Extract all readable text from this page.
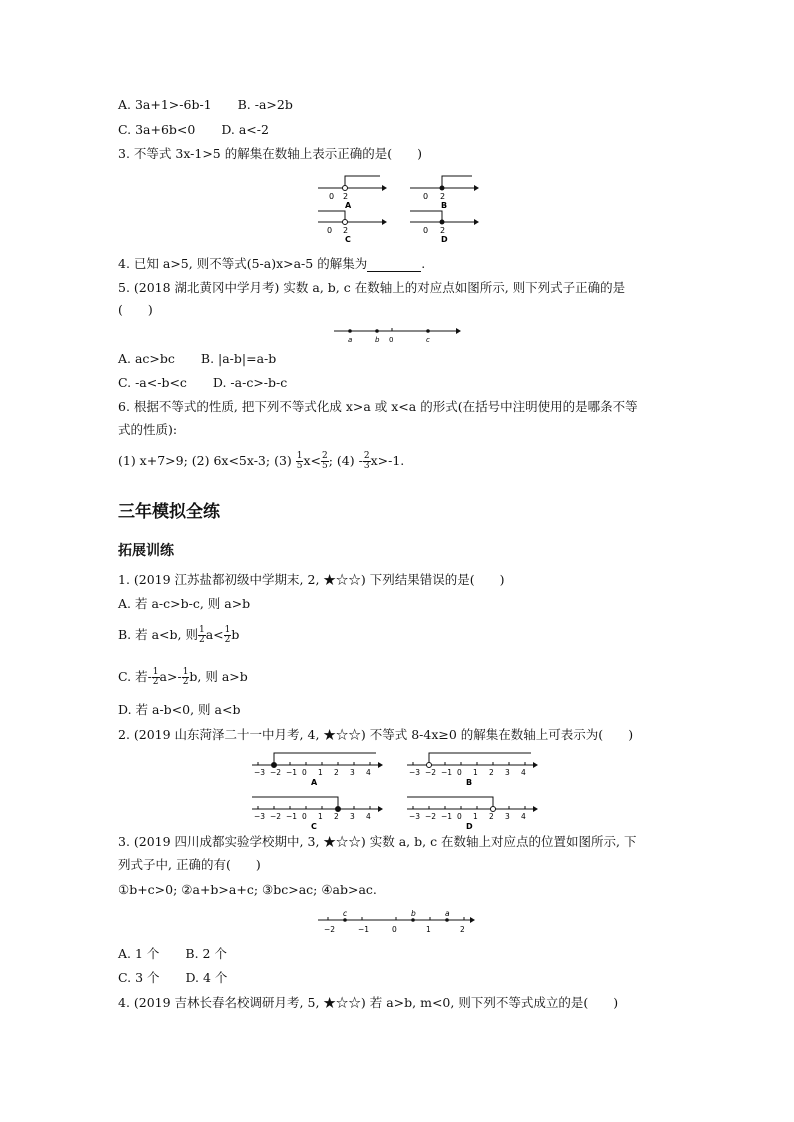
A. 3a+1>-6b-1 B. -a>2b
C. 3a+6b<0 D. a<-2
3. 不等式 3x-1>5 的解集在数轴上表示正确的是(　　)
0 2
A
0 2
B
0 2
C
0 2
D
4. 已知 a>5, 则不等式(5-a)x>a-5 的解集为	.
5. (2018 湖北黄冈中学月考) 实数 a, b, c 在数轴上的对应点如图所示, 则下列式子正确的是
(　　)
a	b 0	c
A. ac>bc B. |a-b|=a-b
C. -a<-b<c D. -a-c>-b-c
6. 根据不等式的性质, 把下列不等式化成 x>a 或 x<a 的形式(在括号中注明使用的是哪条不等
式的性质):
(1) x+7>9; (2) 6x<5x-3; $(3) \frac{1}{5} x< \frac{2}{5}$ ; $(4) - \frac{2}{3} x>-1$.
三年模拟全练
拓展训练
1. (2019 江苏盐都初级中学期末, 2, ★☆☆) 下列结果错误的是(　　)
A. 若 a-c>b-c, 则 a>b
B. 若 a<b, 则 $\frac{1}{2} a< \frac{1}{2}$ b
C. 若- $\frac{1}{2} a>- \frac{1}{2} b$, 则 a>b
D. 若 a-b<0, 则 a<b
2. (2019 山东菏泽二十一中月考, 4, ★☆☆) 不等式 8-4x≥0 的解集在数轴上可表示为(　　)
−3 −2 −1 0 1 2 3 4
A
−3 −2 −1 0 1 2 3 4
B
−3 −2 −1 0 1 2 3 4
C
−3 −2 −1 0 1 2 3 4
D
3. (2019 四川成都实验学校期中, 3, ★☆☆) 实数 a, b, c 在数轴上对应点的位置如图所示, 下
列式子中, 正确的有(　　)
①b+c>0; ②a+b>a+c; ③bc>ac; ④ab>ac.
−2	−1	0	1	2
c	b	a
A. 1 个 B. 2 个
C. 3 个 D. 4 个
4. (2019 吉林长春名校调研月考, 5, ★☆☆) 若 a>b, m<0, 则下列不等式成立的是(　　)
